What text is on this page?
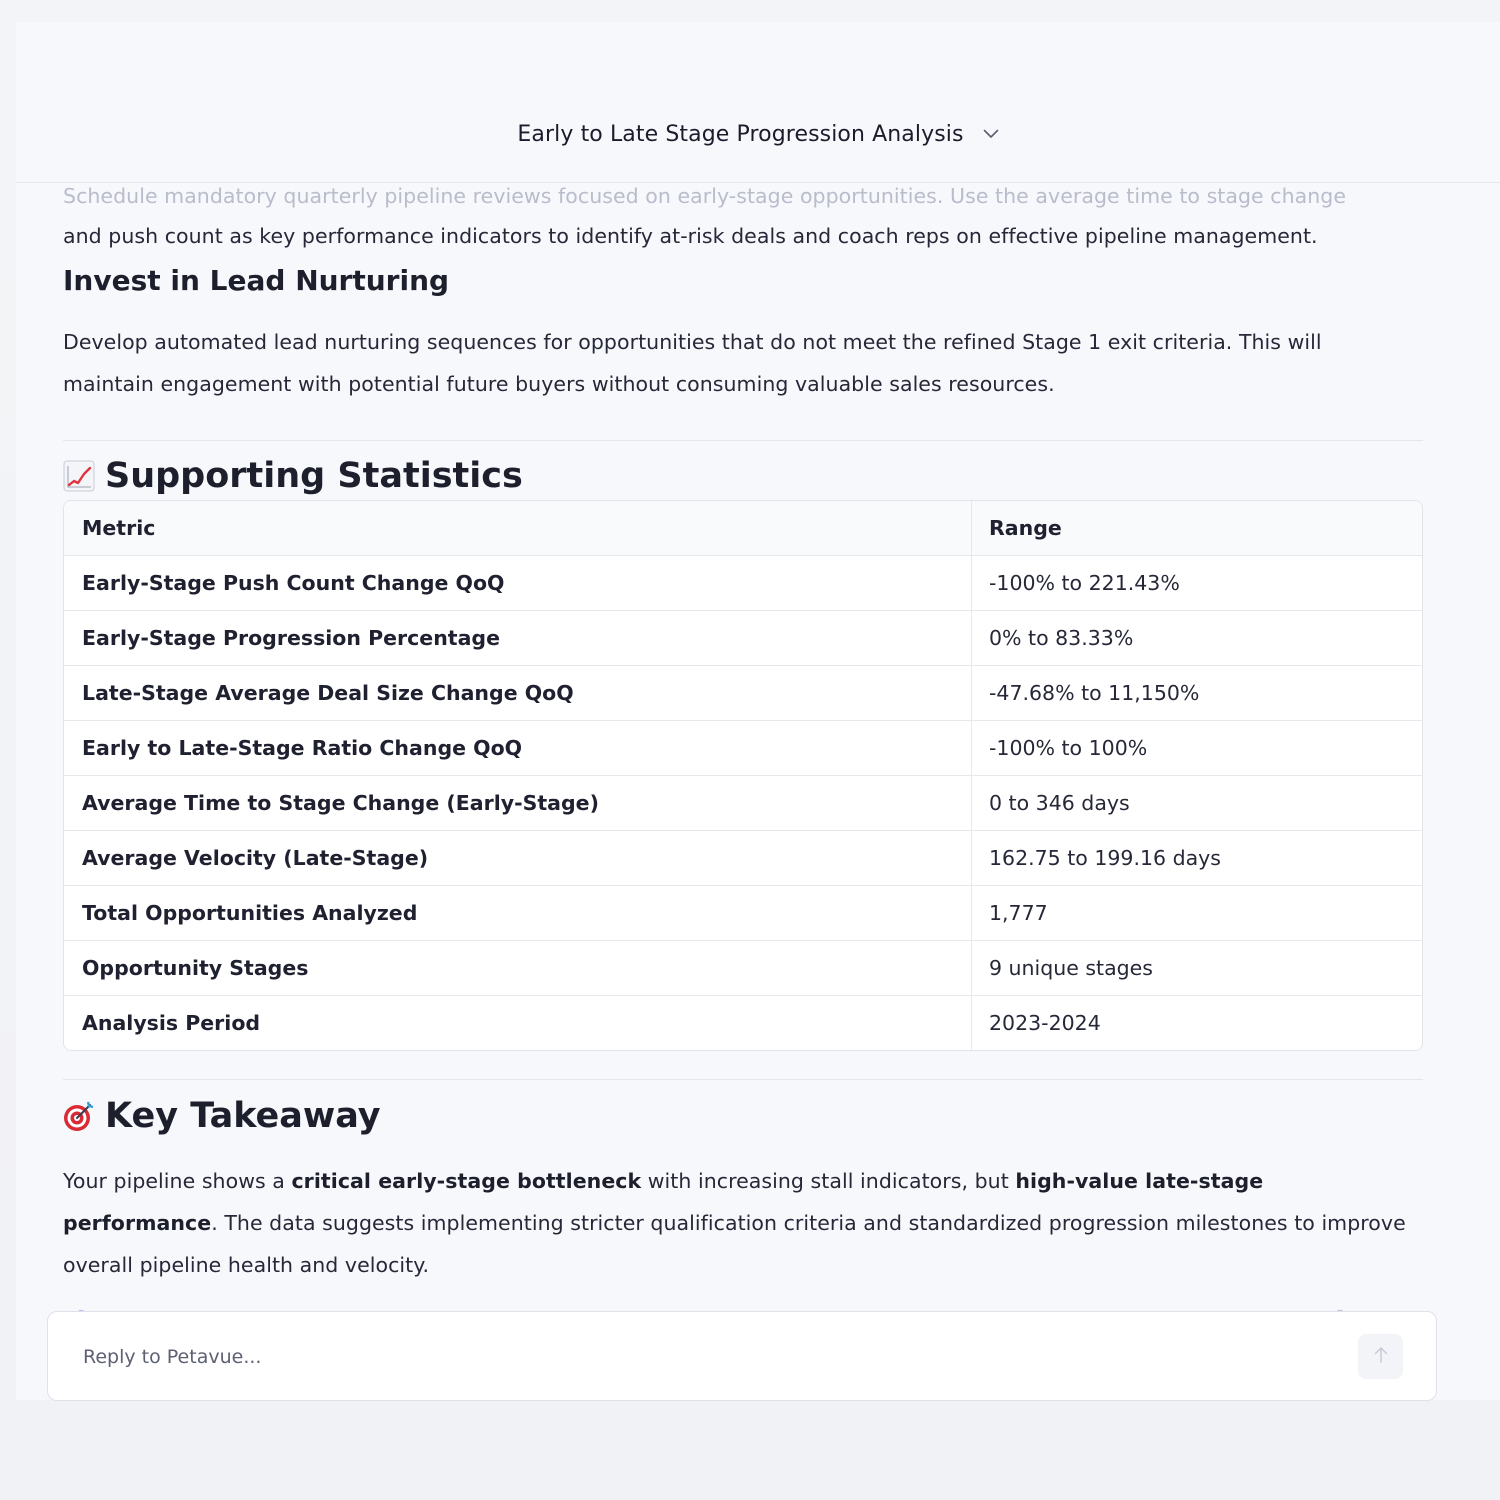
Early to Late Stage Progression Analysis
Schedule mandatory quarterly pipeline reviews focused on early-stage opportunities. Use the average time to stage change
and push count as key performance indicators to identify at-risk deals and coach reps on effective pipeline management.
Invest in Lead Nurturing
Develop automated lead nurturing sequences for opportunities that do not meet the refined Stage 1 exit criteria. This will maintain engagement with potential future buyers without consuming valuable sales resources.
Supporting Statistics
Metric	Range
Early-Stage Push Count Change QoQ	-100% to 221.43%
Early-Stage Progression Percentage	0% to 83.33%
Late-Stage Average Deal Size Change QoQ	-47.68% to 11,150%
Early to Late-Stage Ratio Change QoQ	-100% to 100%
Average Time to Stage Change (Early-Stage)	0 to 346 days
Average Velocity (Late-Stage)	162.75 to 199.16 days
Total Opportunities Analyzed	1,777
Opportunity Stages	9 unique stages
Analysis Period	2023-2024
Key Takeaway
Your pipeline shows a critical early-stage bottleneck with increasing stall indicators, but high-value late-stage performance. The data suggests implementing stricter qualification criteria and standardized progression milestones to improve overall pipeline health and velocity.
Reply to Petavue...
